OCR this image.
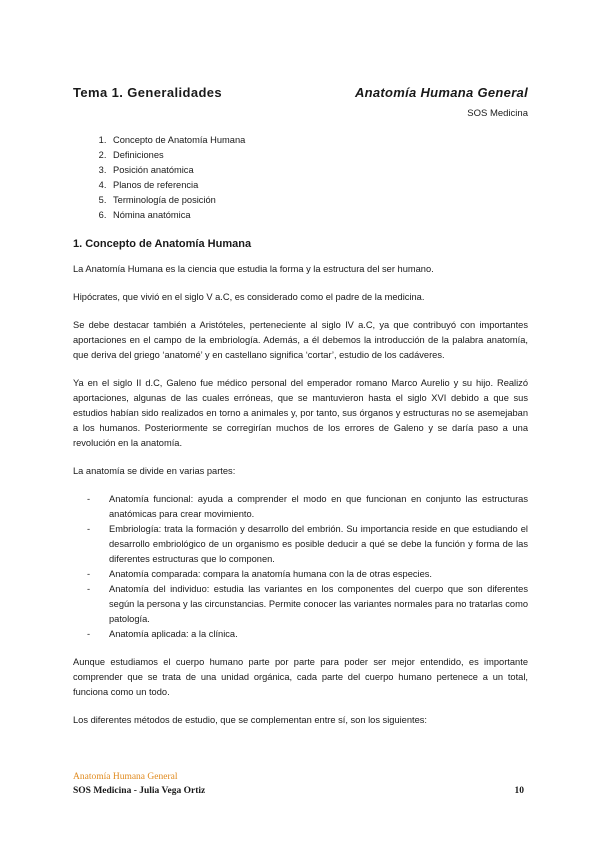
Tema 1. Generalidades	Anatomía Humana General
SOS Medicina
1. Concepto de Anatomía Humana
2. Definiciones
3. Posición anatómica
4. Planos de referencia
5. Terminología de posición
6. Nómina anatómica
1. Concepto de Anatomía Humana

La Anatomía Humana es la ciencia que estudia la forma y la estructura del ser humano.

Hipócrates, que vivió en el siglo V a.C, es considerado como el padre de la medicina.

Se debe destacar también a Aristóteles, perteneciente al siglo IV a.C, ya que contribuyó con importantes aportaciones en el campo de la embriología. Además, a él debemos la introducción de la palabra anatomía, que deriva del griego ‘anatomé’ y en castellano significa ‘cortar’, estudio de los cadáveres.

Ya en el siglo II d.C, Galeno fue médico personal del emperador romano Marco Aurelio y su hijo. Realizó aportaciones, algunas de las cuales erróneas, que se mantuvieron hasta el siglo XVI debido a que sus estudios habían sido realizados en torno a animales y, por tanto, sus órganos y estructuras no se asemejaban a los humanos. Posteriormente se corregirían muchos de los errores de Galeno y se daría paso a una revolución en la anatomía.

La anatomía se divide en varias partes:

- Anatomía funcional: ayuda a comprender el modo en que funcionan en conjunto las estructuras anatómicas para crear movimiento.
- Embriología: trata la formación y desarrollo del embrión. Su importancia reside en que estudiando el desarrollo embriológico de un organismo es posible deducir a qué se debe la función y forma de las diferentes estructuras que lo componen.
- Anatomía comparada: compara la anatomía humana con la de otras especies.
- Anatomía del individuo: estudia las variantes en los componentes del cuerpo que son diferentes según la persona y las circunstancias. Permite conocer las variantes normales para no tratarlas como patología.
- Anatomía aplicada: a la clínica.

Aunque estudiamos el cuerpo humano parte por parte para poder ser mejor entendido, es importante comprender que se trata de una unidad orgánica, cada parte del cuerpo humano pertenece a un total, funciona como un todo.

Los diferentes métodos de estudio, que se complementan entre sí, son los siguientes:

Anatomía Humana General
SOS Medicina - Julia Vega Ortiz	10
